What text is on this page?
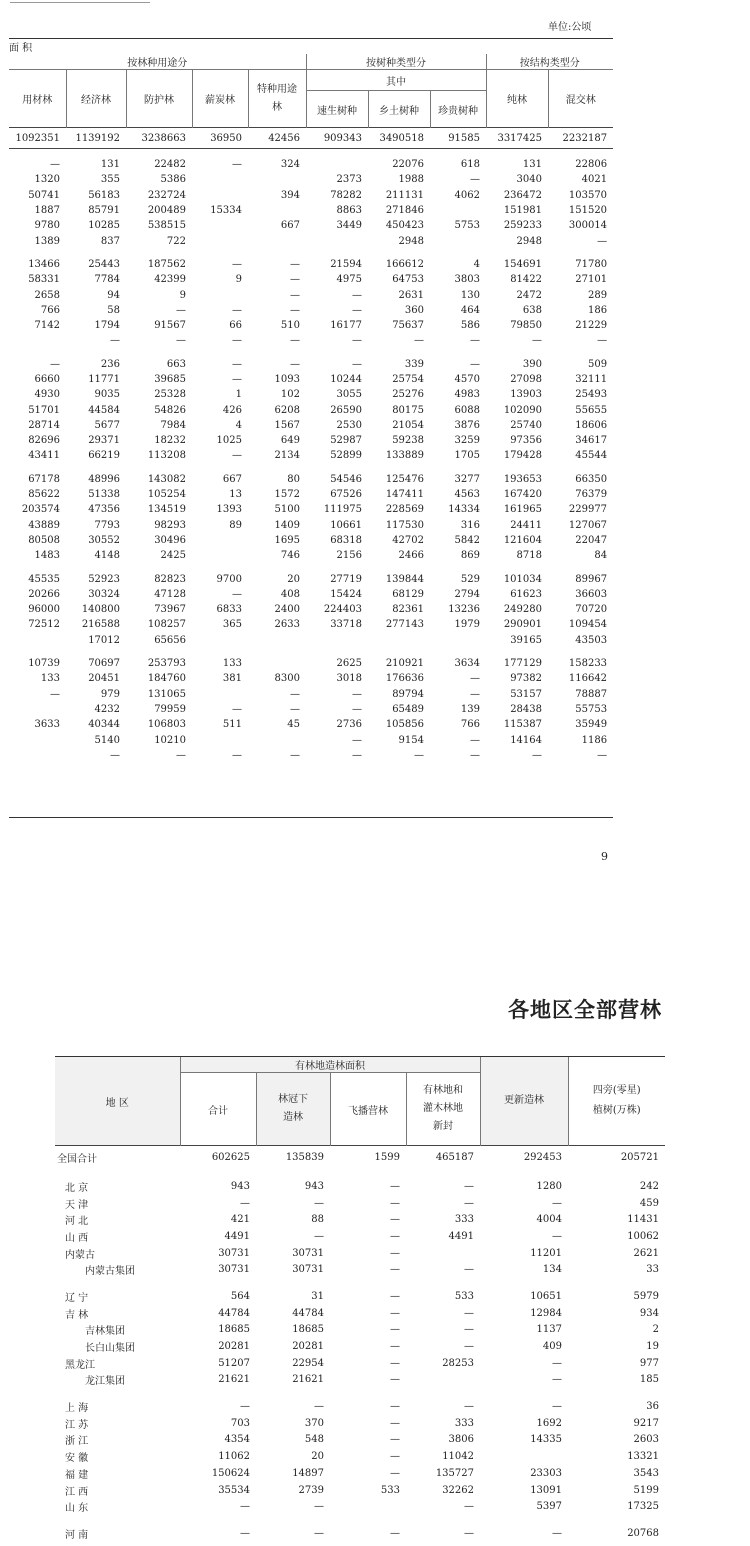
单位:公顷
面 积									
按林种用途分					按树种类型分			按结构类型分	
用材林	经济林	防护林	薪炭林	特种用途林	其中			纯林	混交林
					速生树种	乡土树种	珍贵树种		
1092351	1139192	3238663	36950	42456	909343	3490518	91585	3317425	2232187

—	131	22482	—	324		22076	618	131	22806
1320	355	5386			2373	1988	—	3040	4021
50741	56183	232724		394	78282	211131	4062	236472	103570
1887	85791	200489	15334		8863	271846		151981	151520
9780	10285	538515		667	3449	450423	5753	259233	300014
1389	837	722				2948		2948	—

13466	25443	187562	—	—	21594	166612	4	154691	71780
58331	7784	42399	9	—	4975	64753	3803	81422	27101
2658	94	9		—	—	2631	130	2472	289
766	58	—	—	—	—	360	464	638	186
7142	1794	91567	66	510	16177	75637	586	79850	21229
	—	—	—	—	—	—	—	—	—

—	236	663	—	—	—	339	—	390	509
6660	11771	39685	—	1093	10244	25754	4570	27098	32111
4930	9035	25328	1	102	3055	25276	4983	13903	25493
51701	44584	54826	426	6208	26590	80175	6088	102090	55655
28714	5677	7984	4	1567	2530	21054	3876	25740	18606
82696	29371	18232	1025	649	52987	59238	3259	97356	34617
43411	66219	113208	—	2134	52899	133889	1705	179428	45544

67178	48996	143082	667	80	54546	125476	3277	193653	66350
85622	51338	105254	13	1572	67526	147411	4563	167420	76379
203574	47356	134519	1393	5100	111975	228569	14334	161965	229977
43889	7793	98293	89	1409	10661	117530	316	24411	127067
80508	30552	30496		1695	68318	42702	5842	121604	22047
1483	4148	2425		746	2156	2466	869	8718	84

45535	52923	82823	9700	20	27719	139844	529	101034	89967
20266	30324	47128	—	408	15424	68129	2794	61623	36603
96000	140800	73967	6833	2400	224403	82361	13236	249280	70720
72512	216588	108257	365	2633	33718	277143	1979	290901	109454
	17012	65656						39165	43503

10739	70697	253793	133		2625	210921	3634	177129	158233
133	20451	184760	381	8300	3018	176636	—	97382	116642
—	979	131065		—	—	89794	—	53157	78887
	4232	79959	—	—	—	65489	139	28438	55753
3633	40344	106803	511	45	2736	105856	766	115387	35949
	5140	10210			—	9154	—	14164	1186
	—	—	—	—	—	—	—	—	—
9
各地区全部营林
地 区	有林地造林面积				更新造林	四旁(零星)植树(万株)
	合计	林冠下造林	飞播营林	有林地和灌木林地新封		
全国合计	602625	135839	1599	465187	292453	205721

北 京	943	943	—	—	1280	242
天 津	—	—	—	—	—	459
河 北	421	88	—	333	4004	11431
山 西	4491	—	—	4491	—	10062
内蒙古	30731	30731	—		11201	2621
内蒙古集团	30731	30731	—	—	134	33

辽 宁	564	31	—	533	10651	5979
吉 林	44784	44784	—	—	12984	934
吉林集团	18685	18685	—	—	1137	2
长白山集团	20281	20281	—	—	409	19
黑龙江	51207	22954	—	28253	—	977
龙江集团	21621	21621	—		—	185

上 海	—	—	—	—	—	36
江 苏	703	370	—	333	1692	9217
浙 江	4354	548	—	3806	14335	2603
安 徽	11062	20	—	11042		13321
福 建	150624	14897	—	135727	23303	3543
江 西	35534	2739	533	32262	13091	5199
山 东	—	—		—	5397	17325

河 南	—	—	—	—	—	20768
